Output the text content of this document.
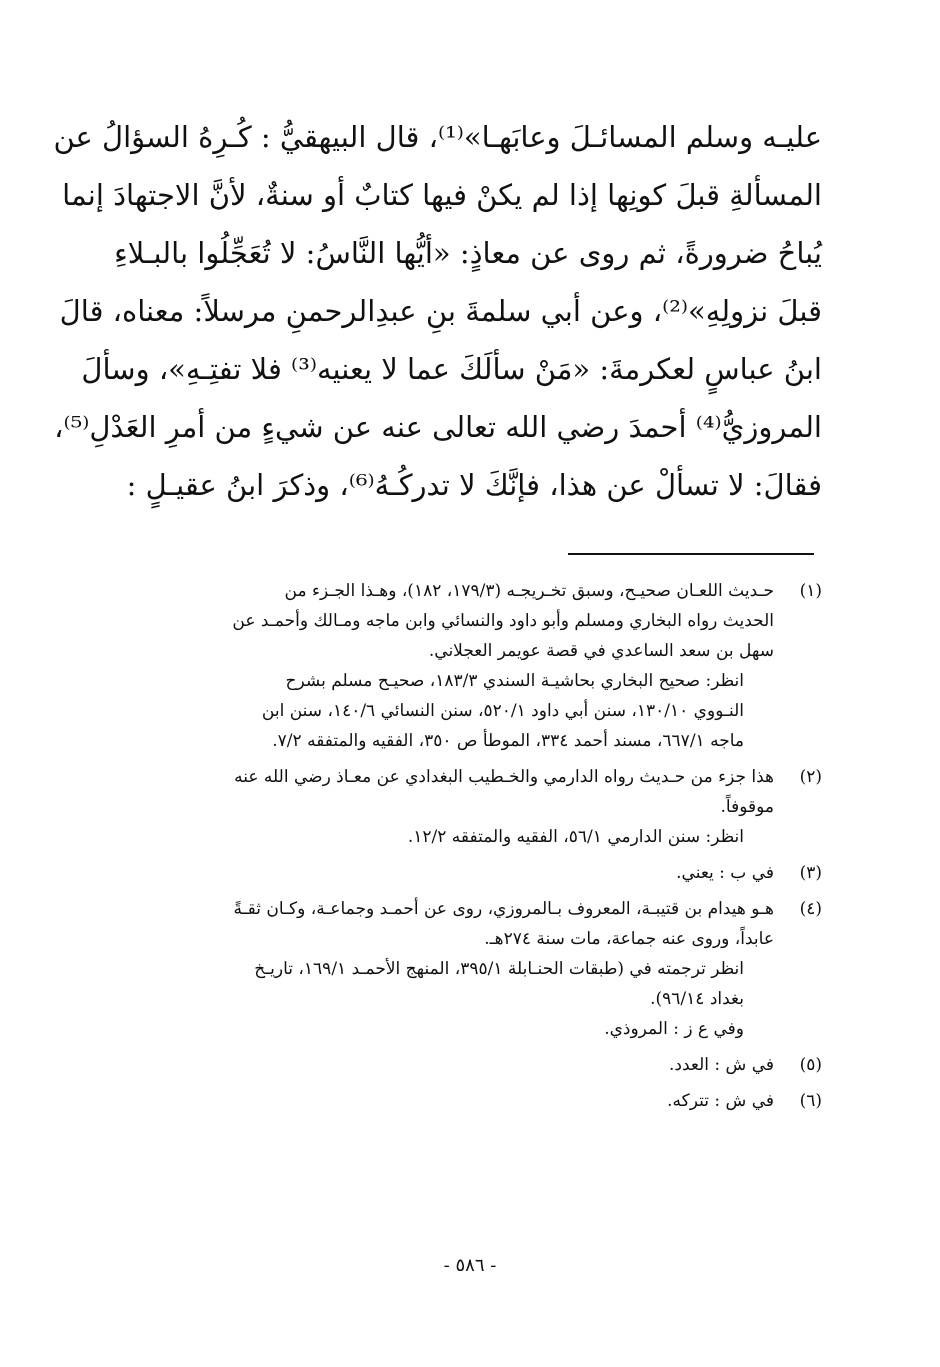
عليـه وسلم المسائـلَ وعابَهـا»⁽¹⁾، قال البيهقيُّ : كُـرِهُ السؤالُ عن
المسألةِ قبلَ كونِها إذا لم يكنْ فيها كتابٌ أو سنةٌ، لأنَّ الاجتهادَ إنما
يُباحُ ضرورةً، ثم روى عن معاذٍ: «أيُّها النَّاسُ: لا تُعَجِّلُوا بالبـلاءِ
قبلَ نزولِهِ»⁽²⁾، وعن أبي سلمةَ بنِ عبدِالرحمنِ مرسلاً: معناه، قالَ
ابنُ عباسٍ لعكرمةَ: «مَنْ سألَكَ عما لا يعنيه⁽³⁾ فلا تفتِـهِ»، وسألَ
المروزيُّ⁽⁴⁾ أحمدَ رضي الله تعالى عنه عن شيءٍ من أمرِ العَدْلِ⁽⁵⁾،
فقالَ: لا تسألْ عن هذا، فإنَّكَ لا تدركُـهُ⁽⁶⁾، وذكرَ ابنُ عقيـلٍ :
(١)
حـديث اللعـان صحيـح، وسبق تخـريجـه (١٧٩/٣، ١٨٢)، وهـذا الجـزء من
الحديث رواه البخاري ومسلم وأبو داود والنسائي وابن ماجه ومـالك وأحمـد عن
سهل بن سعد الساعدي في قصة عويمر العجلاني.
انظر: صحيح البخاري بحاشيـة السندي ١٨٣/٣، صحيـح مسلم بشرح
النـووي ١٣٠/١٠، سنن أبي داود ٥٢٠/١، سنن النسائي ١٤٠/٦، سنن ابن
ماجه ٦٦٧/١، مسند أحمد ٣٣٤، الموطأ ص ٣٥٠، الفقيه والمتفقه ٧/٢.
(٢)
هذا جزء من حـديث رواه الدارمي والخـطيب البغدادي عن معـاذ رضي الله عنه
موقوفاً.
انظر: سنن الدارمي ٥٦/١، الفقيه والمتفقه ١٢/٢.
(٣)
في ب : يعني.
(٤)
هـو هيدام بن قتيبـة، المعروف بـالمروزي، روى عن أحمـد وجماعـة، وكـان ثقـةً
عابداً، وروى عنه جماعة، مات سنة ٢٧٤هـ.
انظر ترجمته في (طبقات الحنـابلة ٣٩٥/١، المنهج الأحمـد ١٦٩/١، تاريـخ
بغداد ٩٦/١٤).
وفي ع ز : المروذي.
(٥)
في ش : العدد.
(٦)
في ش : تتركه.
- ٥٨٦ -
